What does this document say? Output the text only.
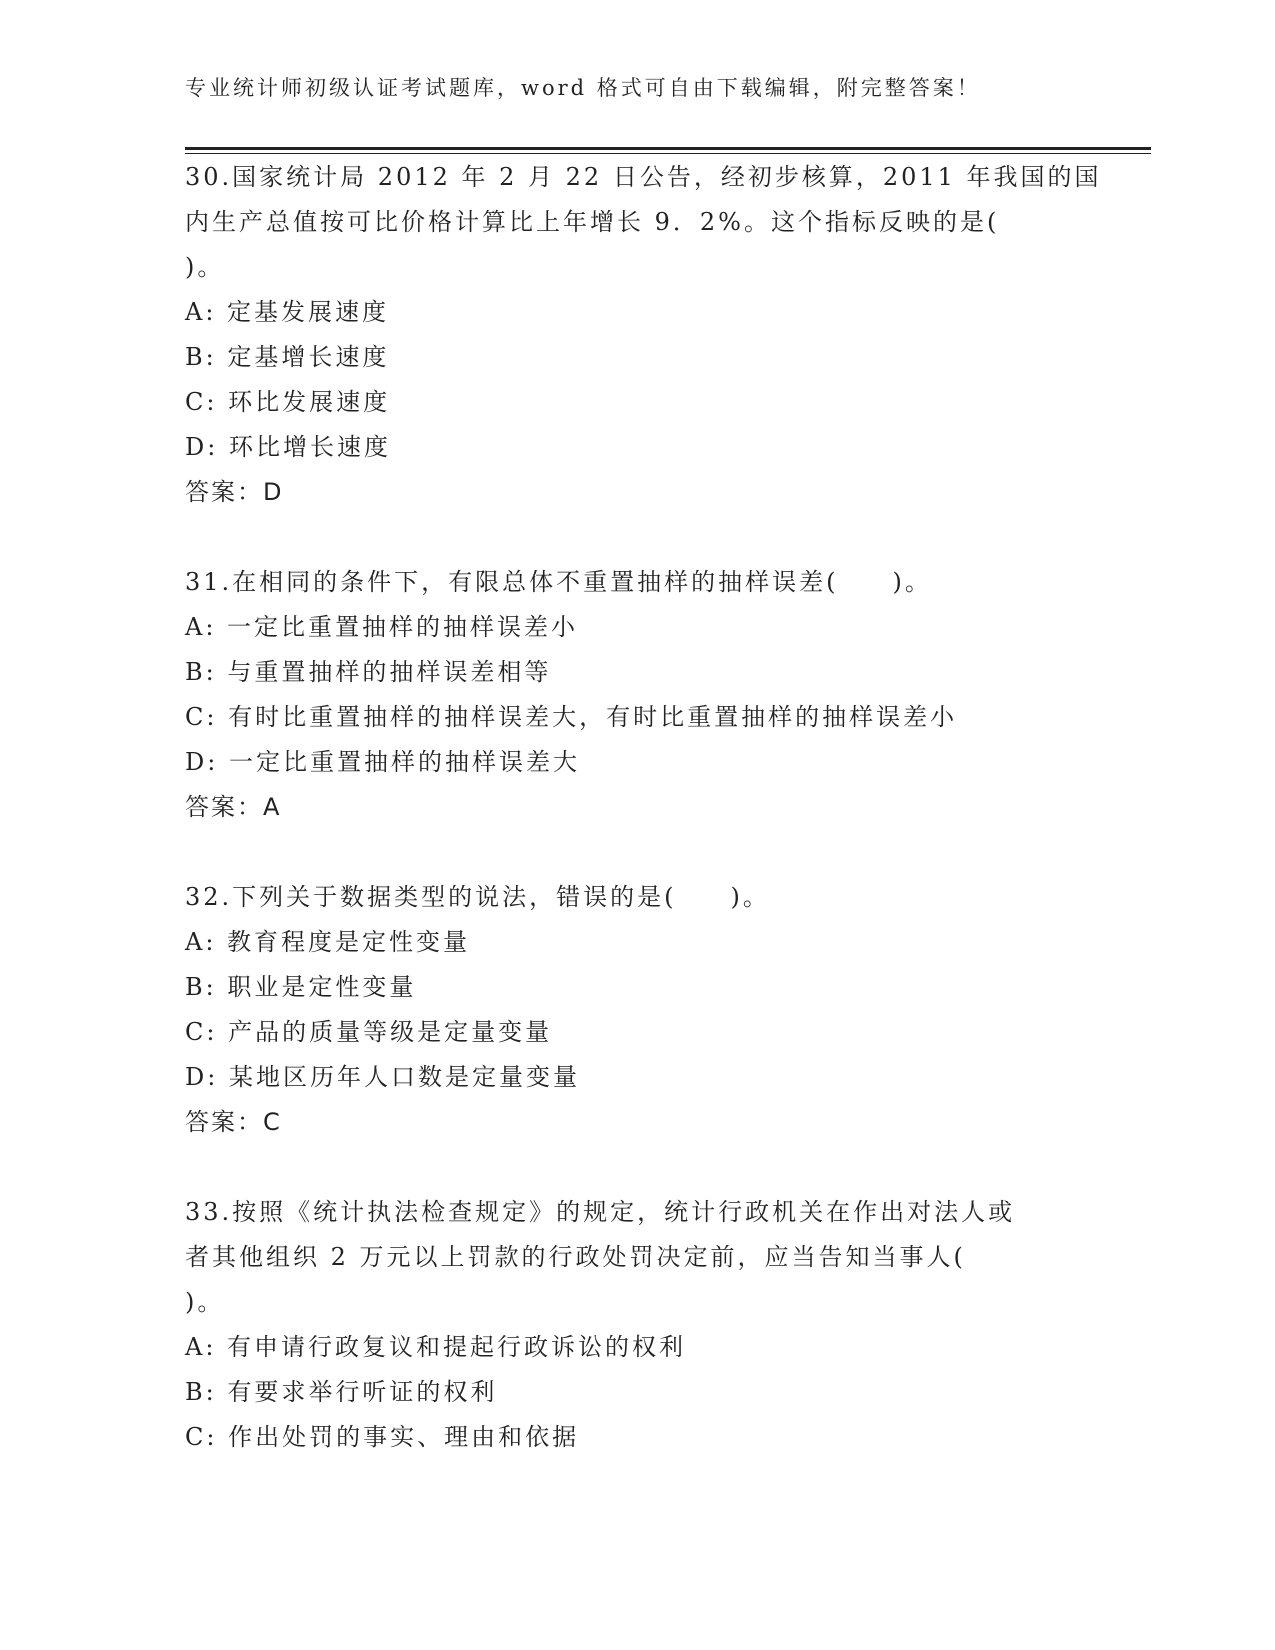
专业统计师初级认证考试题库，word 格式可自由下载编辑，附完整答案！
30.国家统计局 2012 年 2 月 22 日公告，经初步核算，2011 年我国的国
内生产总值按可比价格计算比上年增长 9．2%。这个指标反映的是(
)。
A: 定基发展速度
B: 定基增长速度
C: 环比发展速度
D: 环比增长速度
答案：D
31.在相同的条件下，有限总体不重置抽样的抽样误差(　　)。
A: 一定比重置抽样的抽样误差小
B: 与重置抽样的抽样误差相等
C: 有时比重置抽样的抽样误差大，有时比重置抽样的抽样误差小
D: 一定比重置抽样的抽样误差大
答案：A
32.下列关于数据类型的说法，错误的是(　　)。
A: 教育程度是定性变量
B: 职业是定性变量
C: 产品的质量等级是定量变量
D: 某地区历年人口数是定量变量
答案：C
33.按照《统计执法检查规定》的规定，统计行政机关在作出对法人或
者其他组织 2 万元以上罚款的行政处罚决定前，应当告知当事人(
)。
A: 有申请行政复议和提起行政诉讼的权利
B: 有要求举行听证的权利
C: 作出处罚的事实、理由和依据
